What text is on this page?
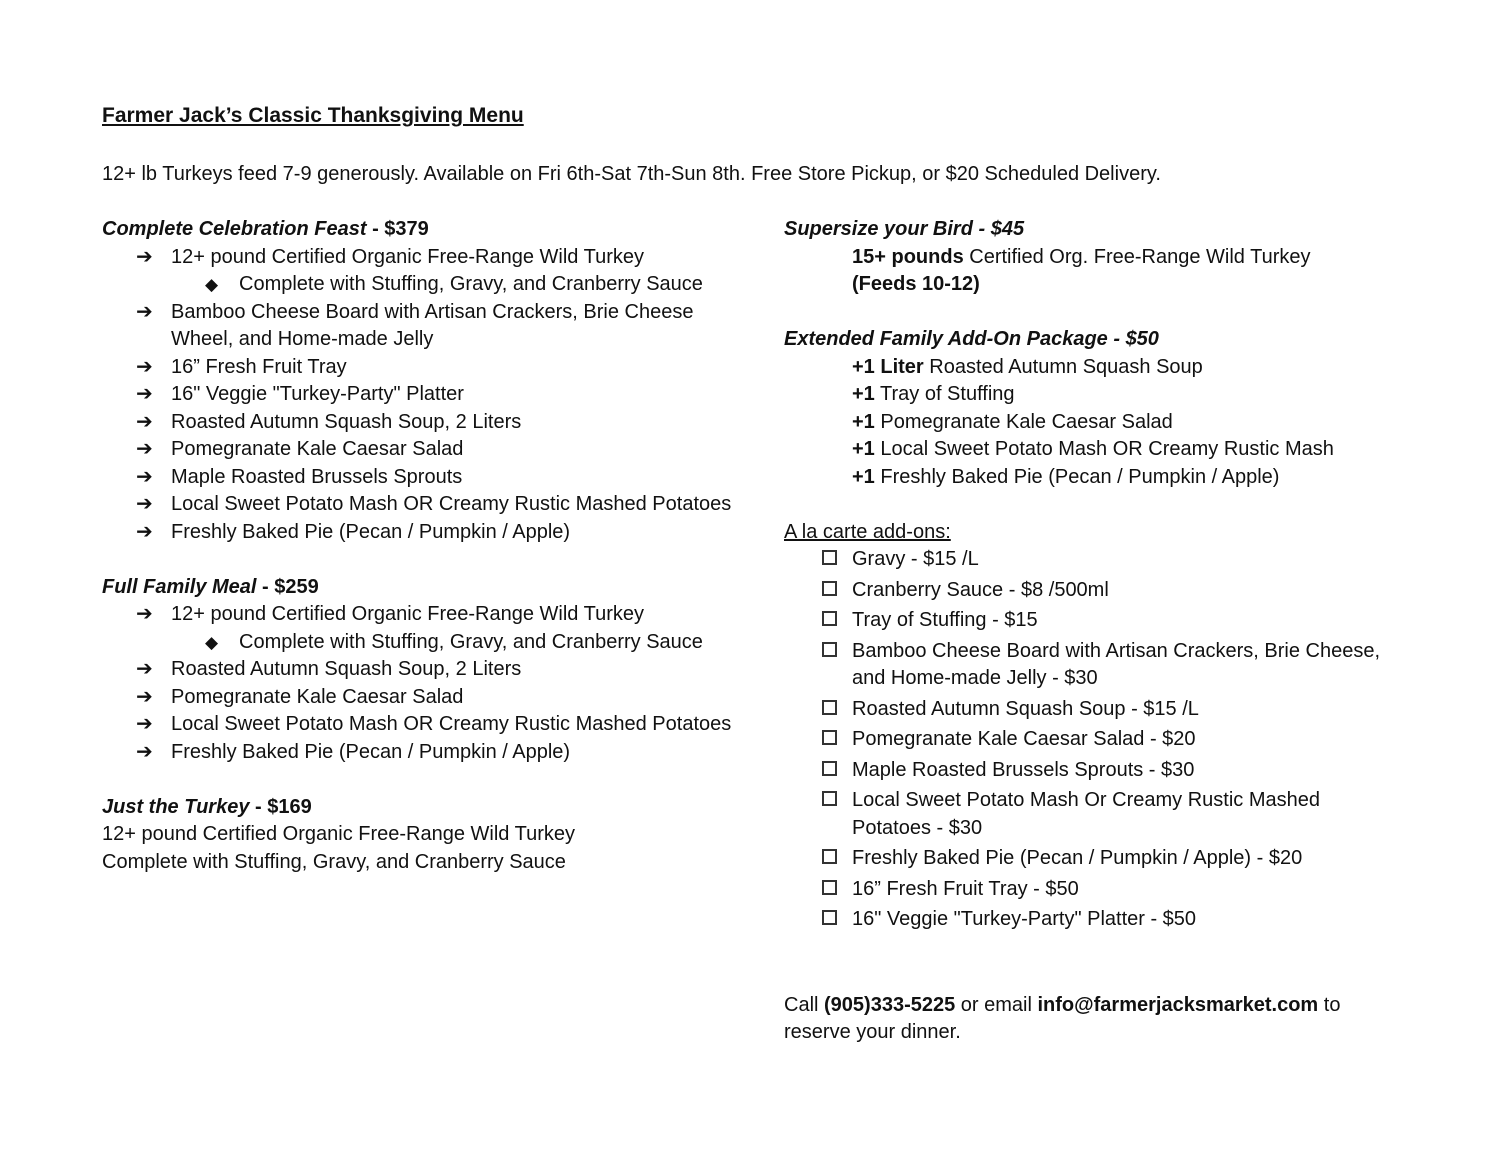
Farmer Jack’s Classic Thanksgiving Menu
12+ lb Turkeys feed 7-9 generously. Available on Fri 6th-Sat 7th-Sun 8th. Free Store Pickup, or $20 Scheduled Delivery.
Complete Celebration Feast - $379
➔ 12+ pound Certified Organic Free-Range Wild Turkey
◆ Complete with Stuffing, Gravy, and Cranberry Sauce
➔ Bamboo Cheese Board with Artisan Crackers, Brie Cheese Wheel, and Home-made Jelly
➔ 16” Fresh Fruit Tray
➔ 16" Veggie "Turkey-Party" Platter
➔ Roasted Autumn Squash Soup, 2 Liters
➔ Pomegranate Kale Caesar Salad
➔ Maple Roasted Brussels Sprouts
➔ Local Sweet Potato Mash OR Creamy Rustic Mashed Potatoes
➔ Freshly Baked Pie (Pecan / Pumpkin / Apple)
Full Family Meal - $259
➔ 12+ pound Certified Organic Free-Range Wild Turkey
◆ Complete with Stuffing, Gravy, and Cranberry Sauce
➔ Roasted Autumn Squash Soup, 2 Liters
➔ Pomegranate Kale Caesar Salad
➔ Local Sweet Potato Mash OR Creamy Rustic Mashed Potatoes
➔ Freshly Baked Pie (Pecan / Pumpkin / Apple)
Just the Turkey - $169
12+ pound Certified Organic Free-Range Wild Turkey
Complete with Stuffing, Gravy, and Cranberry Sauce
Supersize your Bird - $45
15+ pounds Certified Org. Free-Range Wild Turkey
(Feeds 10-12)
Extended Family Add-On Package - $50
+1 Liter Roasted Autumn Squash Soup
+1 Tray of Stuffing
+1 Pomegranate Kale Caesar Salad
+1 Local Sweet Potato Mash OR Creamy Rustic Mash
+1 Freshly Baked Pie (Pecan / Pumpkin / Apple)
A la carte add-ons:
Gravy - $15 /L
Cranberry Sauce - $8 /500ml
Tray of Stuffing - $15
Bamboo Cheese Board with Artisan Crackers, Brie Cheese, and Home-made Jelly - $30
Roasted Autumn Squash Soup - $15 /L
Pomegranate Kale Caesar Salad - $20
Maple Roasted Brussels Sprouts - $30
Local Sweet Potato Mash Or Creamy Rustic Mashed Potatoes - $30
Freshly Baked Pie (Pecan / Pumpkin / Apple) - $20
16” Fresh Fruit Tray - $50
16" Veggie "Turkey-Party" Platter - $50
Call (905)333-5225 or email info@farmerjacksmarket.com to reserve your dinner.
